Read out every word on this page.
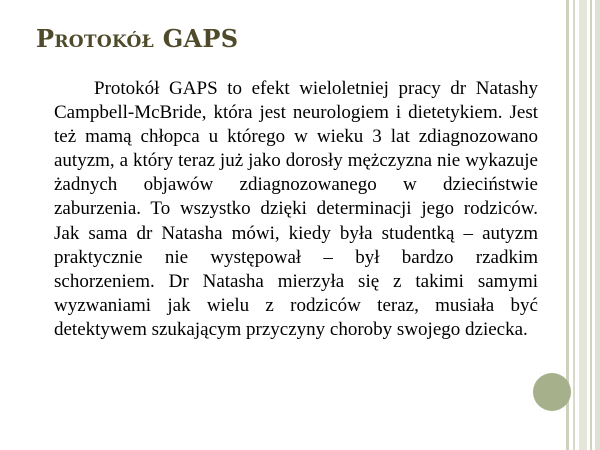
Protokół GAPS

Protokół GAPS to efekt wieloletniej pracy dr Natashy Campbell-McBride, która jest neurologiem i dietetykiem. Jest też mamą chłopca u którego w wieku 3 lat zdiagnozowano autyzm, a który teraz już jako dorosły mężczyzna nie wykazuje żadnych objawów zdiagnozowanego w dzieciństwie zaburzenia. To wszystko dzięki determinacji jego rodziców. Jak sama dr Natasha mówi, kiedy była studentką – autyzm praktycznie nie występował – był bardzo rzadkim schorzeniem. Dr Natasha mierzyła się z takimi samymi wyzwaniami jak wielu z rodziców teraz, musiała być detektywem szukającym przyczyny choroby swojego dziecka.
